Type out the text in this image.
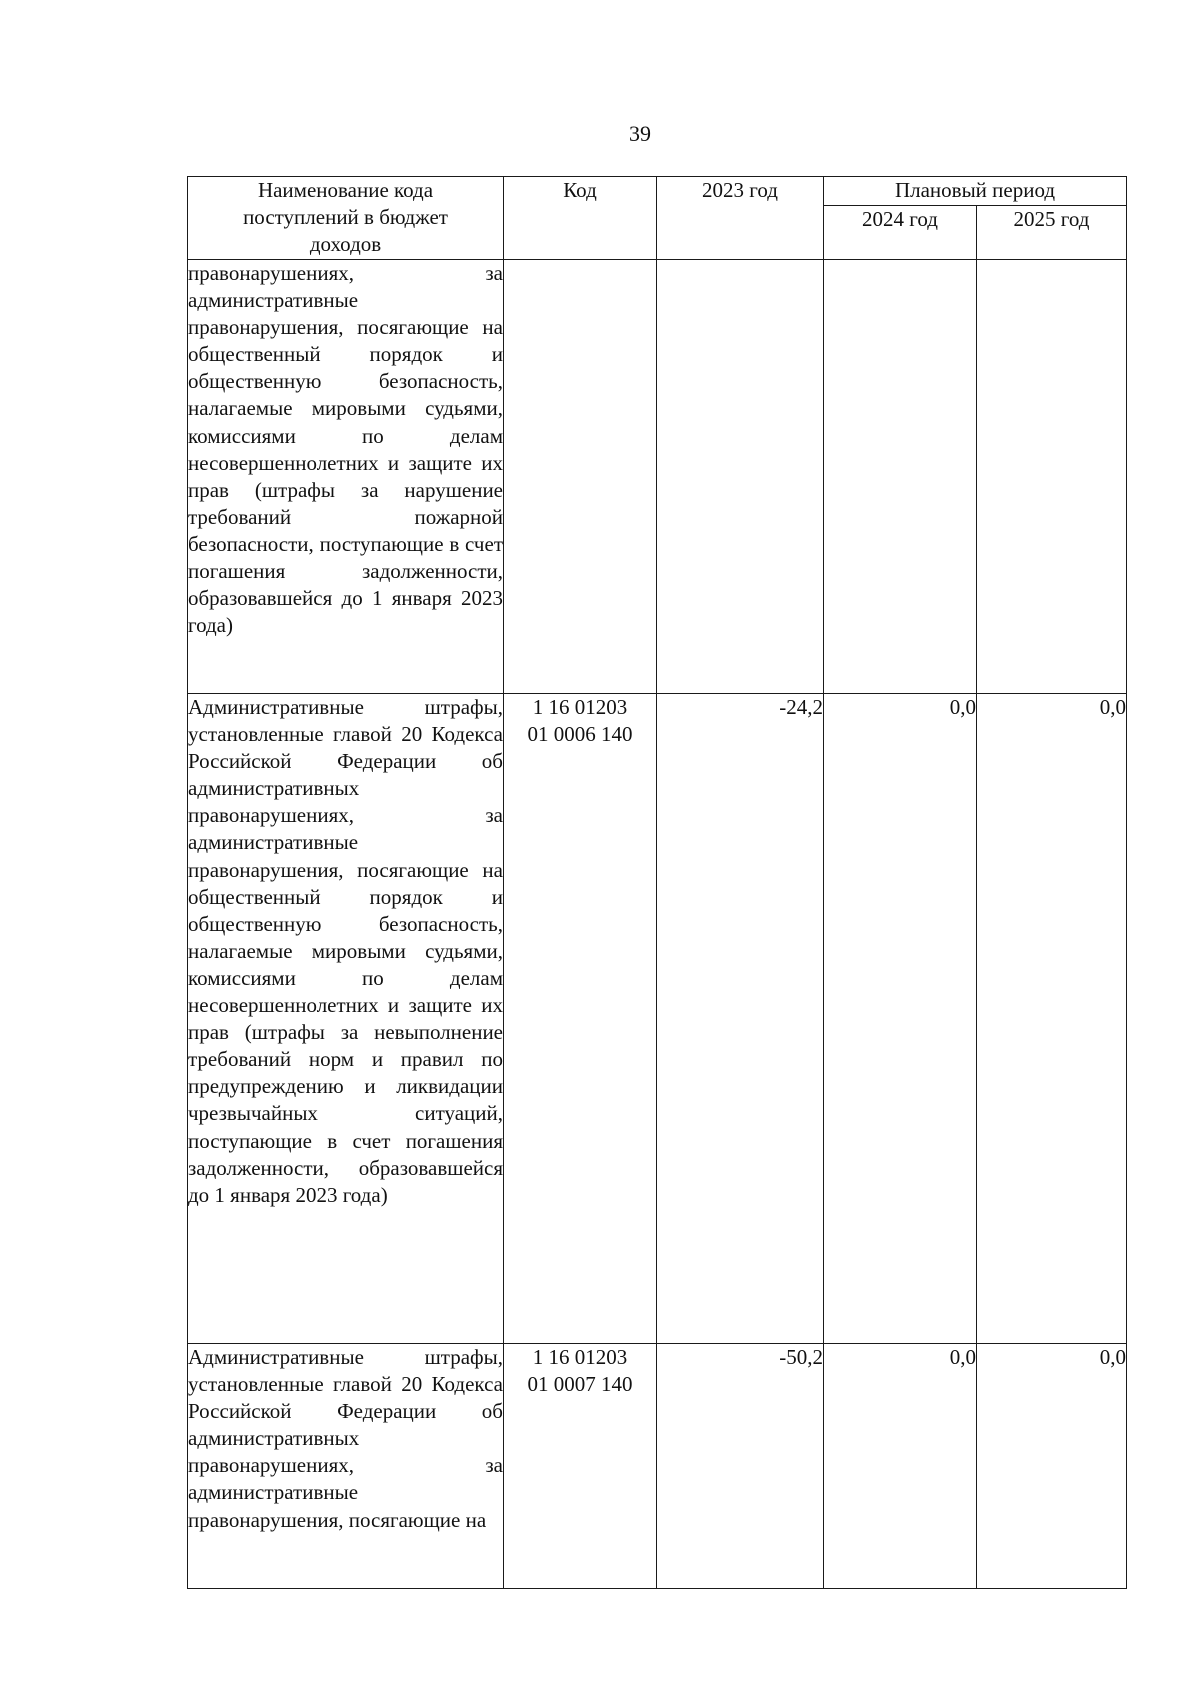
39
Наименование кода
поступлений в бюджет
доходов	Код	2023 год	Плановый период	
			2024 год	2025 год
правонарушениях, за административные правонарушения, посягающие на общественный порядок и общественную безопасность, налагаемые мировыми судьями, комиссиями по делам несовершеннолетних и защите их прав (штрафы за нарушение требований пожарной безопасности, поступающие в счет погашения задолженности, образовавшейся до 1 января 2023 года)				
Административные штрафы, установленные главой 20 Кодекса Российской Федерации об административных правонарушениях, за административные правонарушения, посягающие на общественный порядок и общественную безопасность, налагаемые мировыми судьями, комиссиями по делам несовершеннолетних и защите их прав (штрафы за невыполнение требований норм и правил по предупреждению и ликвидации чрезвычайных ситуаций, поступающие в счет погашения задолженности, образовавшейся до 1 января 2023 года)	1 16 01203
01 0006 140	-24,2	0,0	0,0
Административные штрафы, установленные главой 20 Кодекса Российской Федерации об административных правонарушениях, за административные правонарушения, посягающие на	1 16 01203
01 0007 140	-50,2	0,0	0,0
